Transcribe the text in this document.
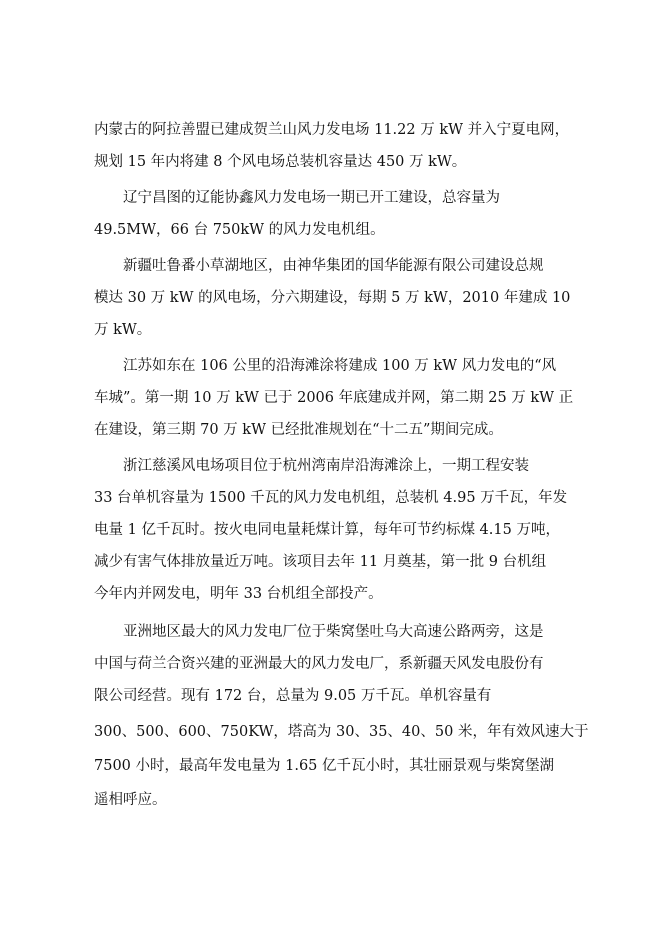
内蒙古的阿拉善盟已建成贺兰山风力发电场 11.22 万 kW 并入宁夏电网，

规划 15 年内将建 8 个风电场总装机容量达 450 万 kW。

辽宁昌图的辽能协鑫风力发电场一期已开工建设，总容量为

49.5MW，66 台 750kW 的风力发电机组。

新疆吐鲁番小草湖地区，由神华集团的国华能源有限公司建设总规

模达 30 万 kW 的风电场，分六期建设，每期 5 万 kW，2010 年建成 10

万 kW。

江苏如东在 106 公里的沿海滩涂将建成 100 万 kW 风力发电的“风

车城”。第一期 10 万 kW 已于 2006 年底建成并网，第二期 25 万 kW 正

在建设，第三期 70 万 kW 已经批准规划在“十二五”期间完成。

浙江慈溪风电场项目位于杭州湾南岸沿海滩涂上，一期工程安装

33 台单机容量为 1500 千瓦的风力发电机组，总装机 4.95 万千瓦，年发

电量 1 亿千瓦时。按火电同电量耗煤计算，每年可节约标煤 4.15 万吨，

减少有害气体排放量近万吨。该项目去年 11 月奠基，第一批 9 台机组

今年内并网发电，明年 33 台机组全部投产。

亚洲地区最大的风力发电厂位于柴窝堡吐乌大高速公路两旁，这是

中国与荷兰合资兴建的亚洲最大的风力发电厂，系新疆天风发电股份有

限公司经营。现有 172 台，总量为 9.05 万千瓦。单机容量有

300、500、600、750KW，塔高为 30、35、40、50 米，年有效风速大于

7500 小时，最高年发电量为 1.65 亿千瓦小时，其壮丽景观与柴窝堡湖

遥相呼应。
